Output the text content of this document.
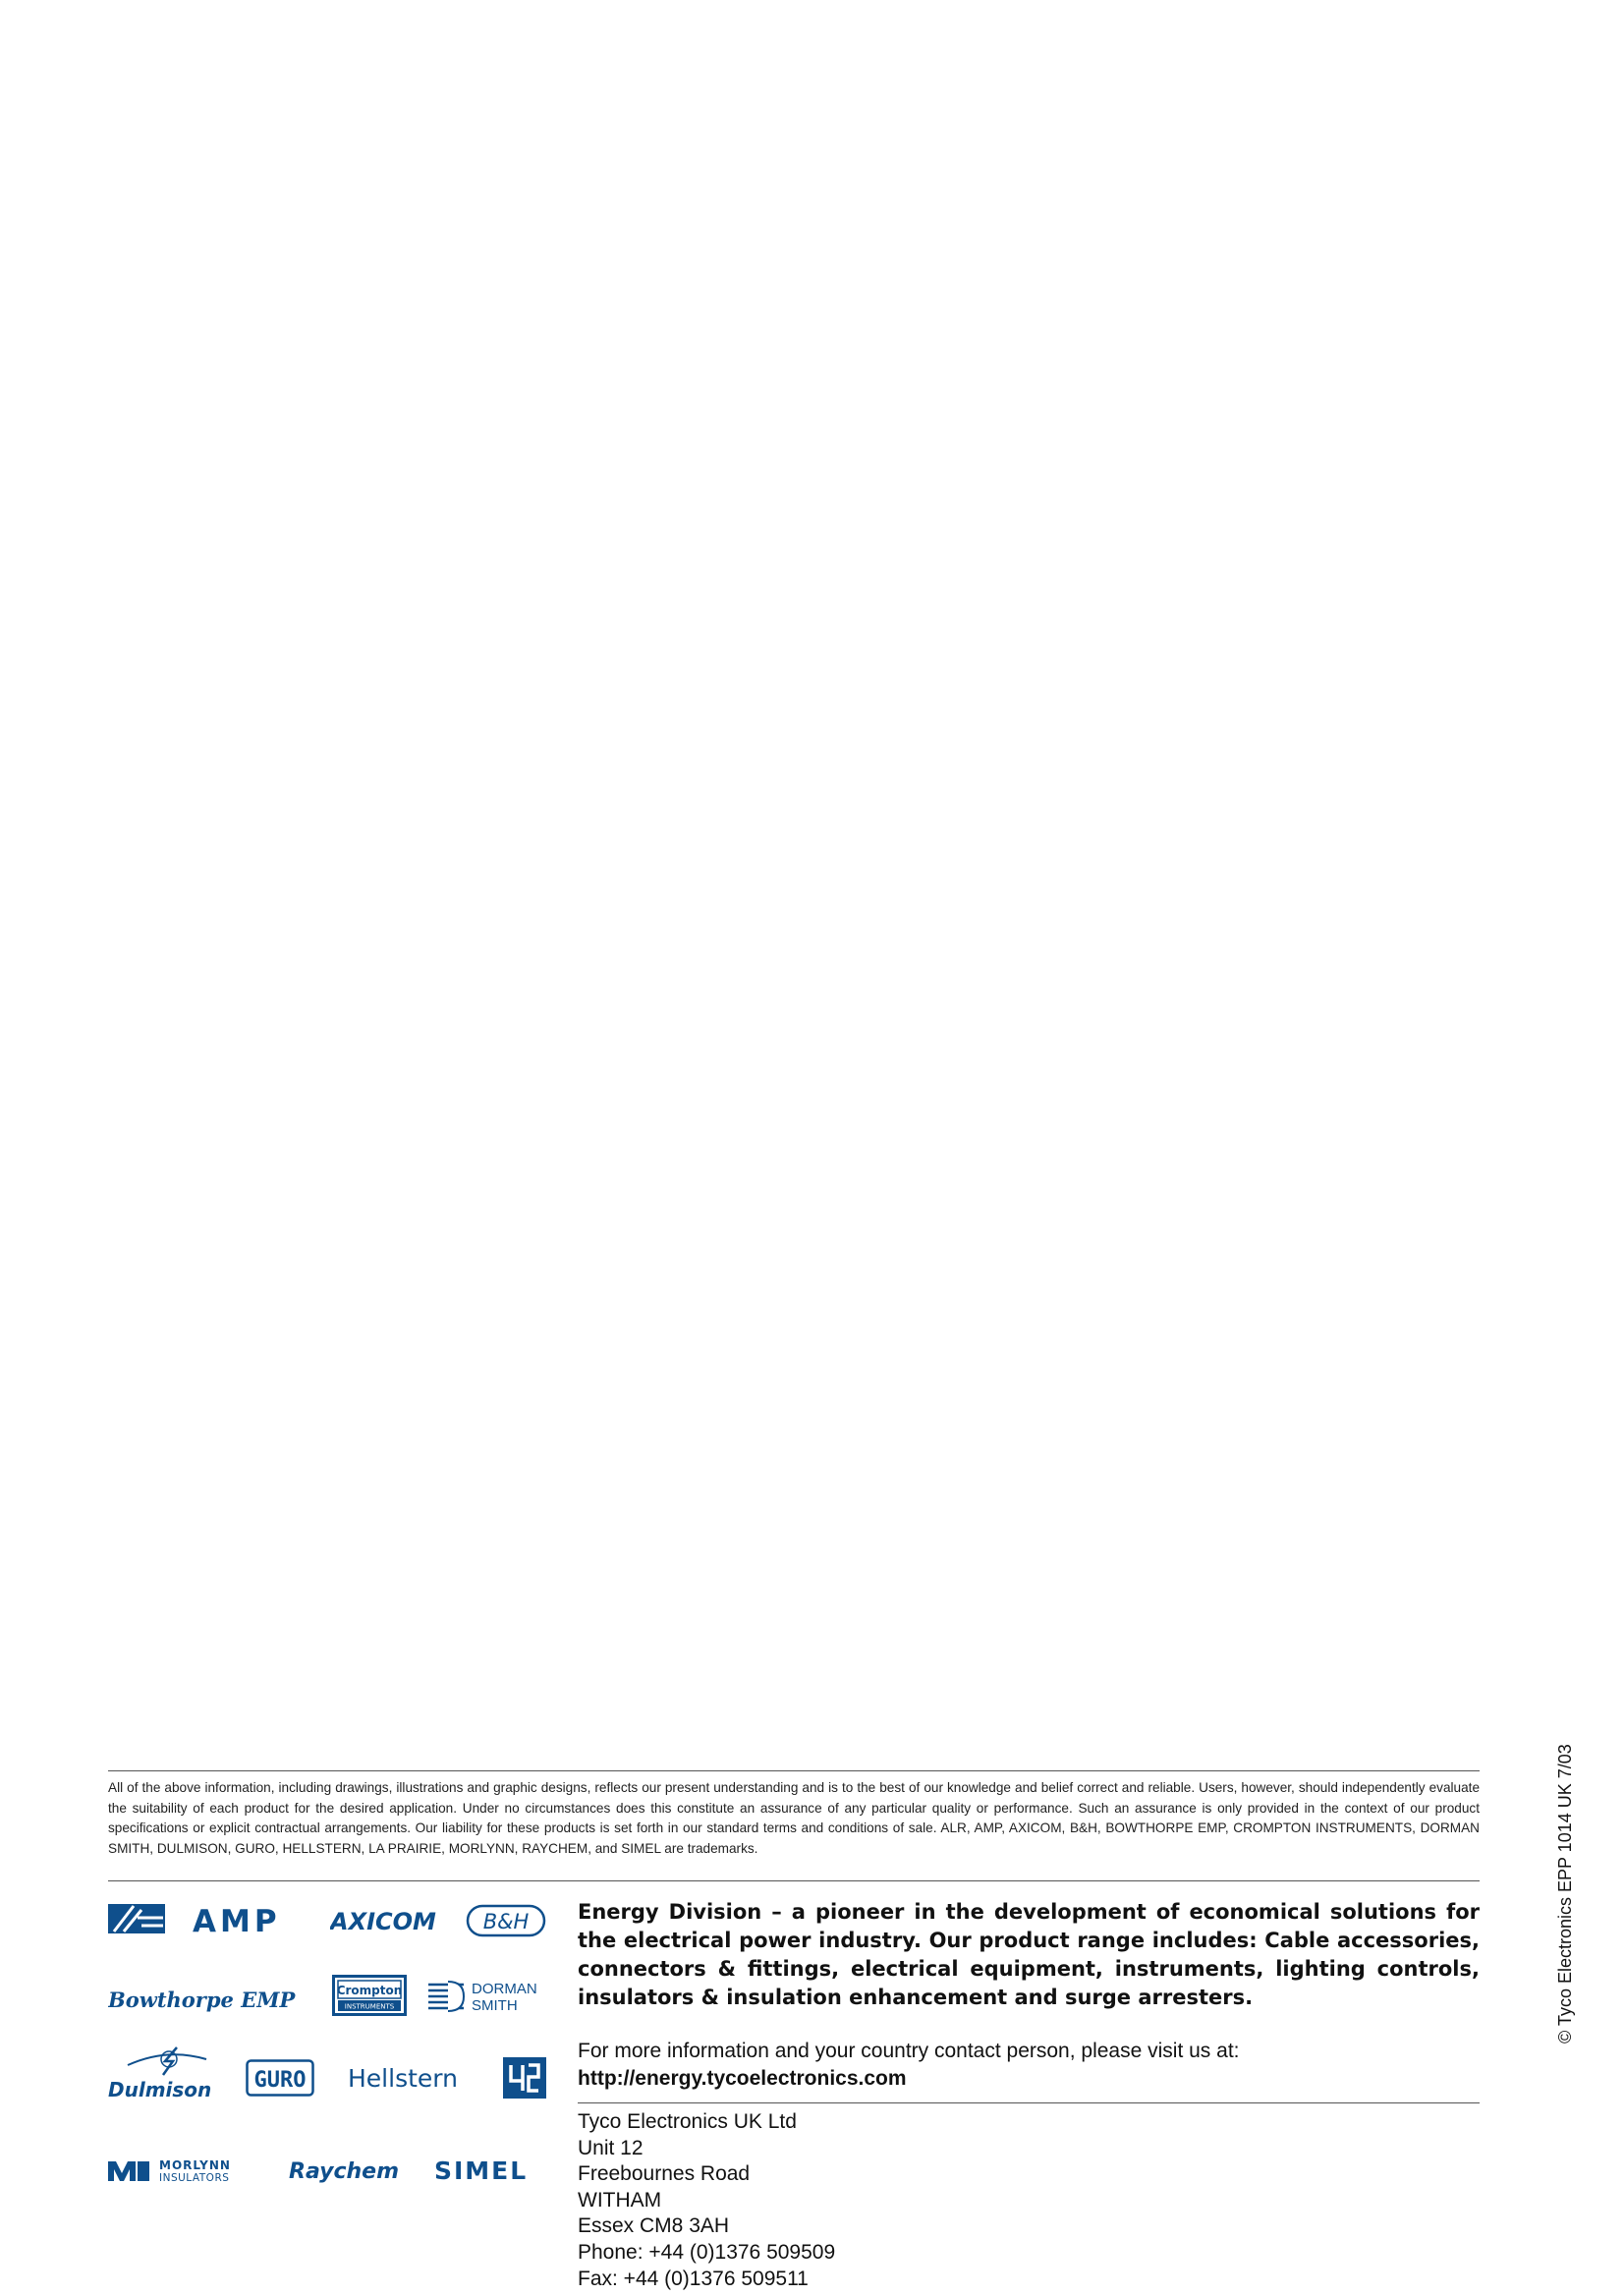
All of the above information, including drawings, illustrations and graphic designs, reflects our present understanding and is to the best of our knowledge and belief correct and reliable. Users, however, should independently evaluate the suitability of each product for the desired application. Under no circumstances does this constitute an assurance of any particular quality or performance. Such an assurance is only provided in the context of our product specifications or explicit contractual arrangements. Our liability for these products is set forth in our standard terms and conditions of sale. ALR, AMP, AXICOM, B&H, BOWTHORPE EMP, CROMPTON INSTRUMENTS, DORMAN SMITH, DULMISON, GURO, HELLSTERN, LA PRAIRIE, MORLYNN, RAYCHEM, and SIMEL are trademarks.
AMP AXICOM B&H
Bowthorpe EMP	Crompton
INSTRUMENTS
DORMAN
SMITH
Dulmison GURO Hellstern
MORLYNN
INSULATORS	Raychem SIMEL
Energy Division – a pioneer in the development of economical solutions for the electrical power industry. Our product range includes: Cable accessories, connectors & fittings, electrical equipment, instruments, lighting controls, insulators & insulation enhancement and surge arresters.
For more information and your country contact person, please visit us at:
http://energy.tycoelectronics.com
Tyco Electronics UK Ltd
Unit 12
Freebournes Road
WITHAM
Essex CM8 3AH
Phone: +44 (0)1376 509509
Fax: +44 (0)1376 509511
© Tyco Electronics EPP 1014 UK 7/03
